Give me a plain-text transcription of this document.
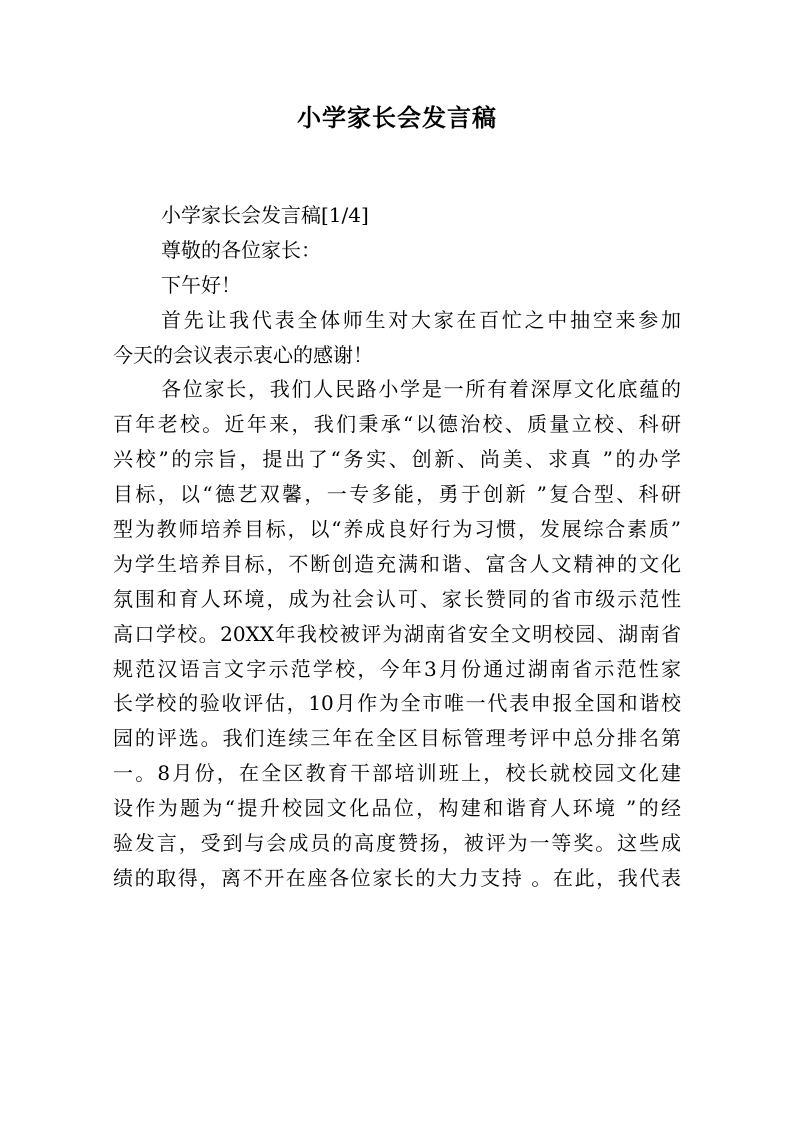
小学家长会发言稿
小学家长会发言稿[1/4]
尊敬的各位家长：
下午好！
首先让我代表全体师生对大家在百忙之中抽空来参加
今天的会议表示衷心的感谢！
各位家长，我们人民路小学是一所有着深厚文化底蕴的
百年老校。近年来，我们秉承“以德治校、质量立校、科研
兴校”的宗旨，提出了“务实、创新、尚美、求真 ”的办学
目标，以“德艺双馨，一专多能，勇于创新 ”复合型、科研
型为教师培养目标，以“养成良好行为习惯，发展综合素质”
为学生培养目标，不断创造充满和谐、富含人文精神的文化
氛围和育人环境，成为社会认可、家长赞同的省市级示范性
高口学校。20XX年我校被评为湖南省安全文明校园、湖南省
规范汉语言文字示范学校，今年3月份通过湖南省示范性家
长学校的验收评估，10月作为全市唯一代表申报全国和谐校
园的评选。我们连续三年在全区目标管理考评中总分排名第
一。8月份，在全区教育干部培训班上，校长就校园文化建
设作为题为“提升校园文化品位，构建和谐育人环境 ”的经
验发言，受到与会成员的高度赞扬，被评为一等奖。这些成
绩的取得，离不开在座各位家长的大力支持 。在此，我代表
